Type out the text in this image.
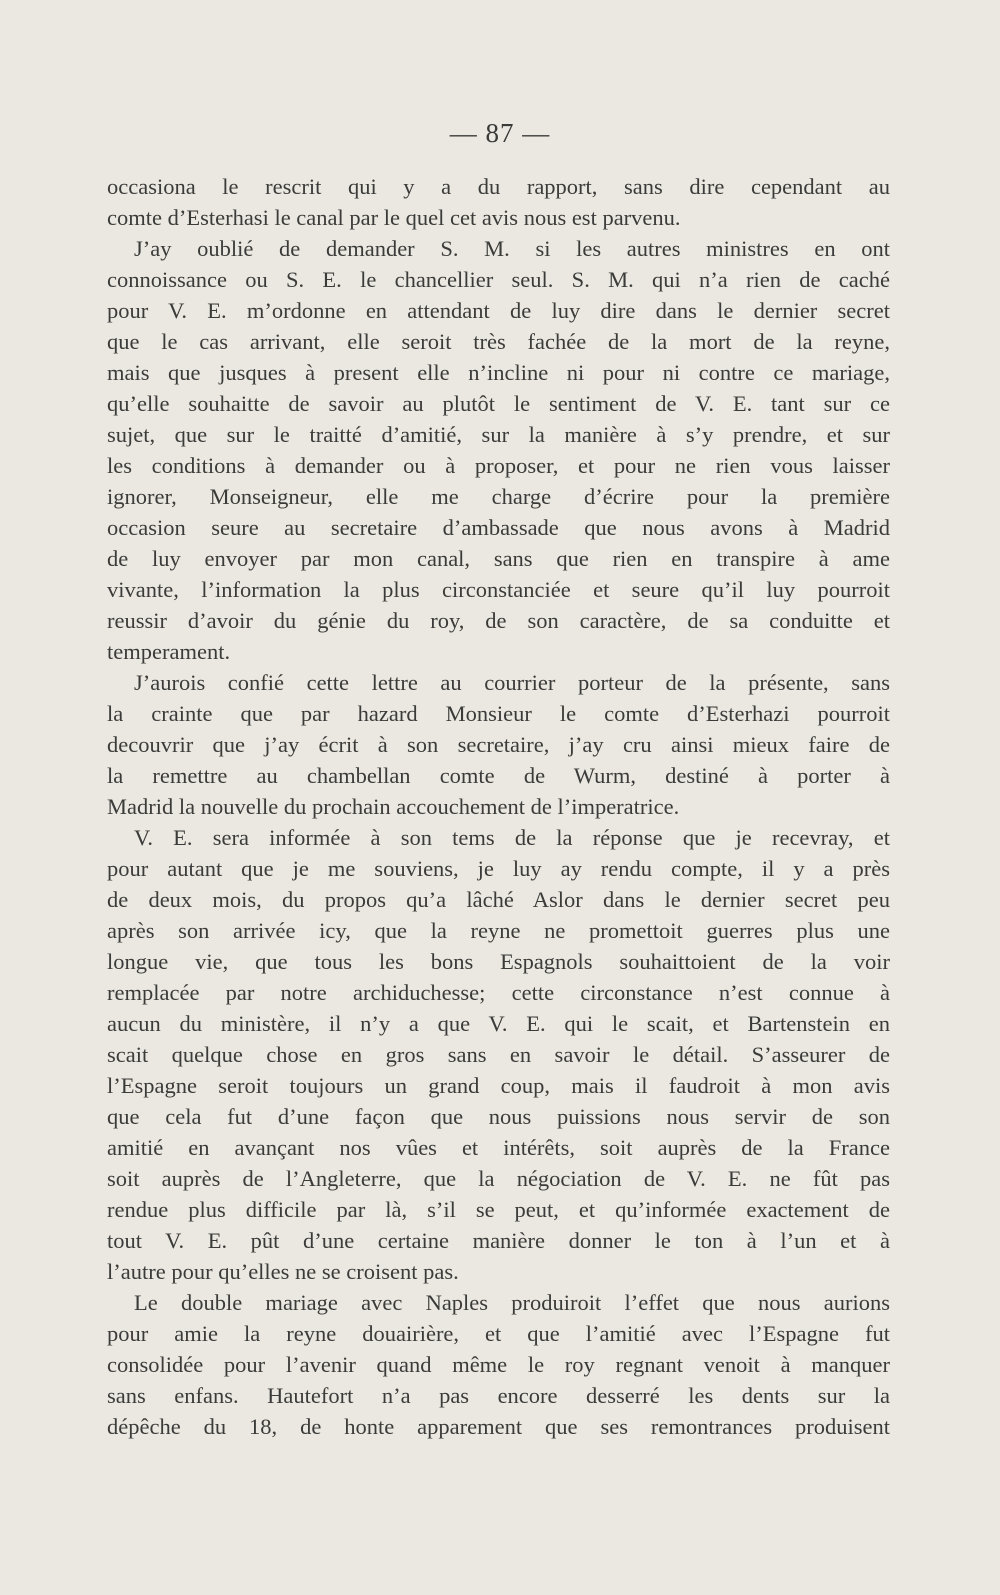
— 87 —
occasiona le rescrit qui y a du rapport, sans dire cependant au
comte d’Esterhasi le canal par le quel cet avis nous est parvenu.
J’ay oublié de demander S. M. si les autres ministres en ont
connoissance ou S. E. le chancellier seul. S. M. qui n’a rien de caché
pour V. E. m’ordonne en attendant de luy dire dans le dernier secret
que le cas arrivant, elle seroit très fachée de la mort de la reyne,
mais que jusques à present elle n’incline ni pour ni contre ce mariage,
qu’elle souhaitte de savoir au plutôt le sentiment de V. E. tant sur ce
sujet, que sur le traitté d’amitié, sur la manière à s’y prendre, et sur
les conditions à demander ou à proposer, et pour ne rien vous laisser
ignorer, Monseigneur, elle me charge d’écrire pour la première
occasion seure au secretaire d’ambassade que nous avons à Madrid
de luy envoyer par mon canal, sans que rien en transpire à ame
vivante, l’information la plus circonstanciée et seure qu’il luy pourroit
reussir d’avoir du génie du roy, de son caractère, de sa conduitte et
temperament.
J’aurois confié cette lettre au courrier porteur de la présente, sans
la crainte que par hazard Monsieur le comte d’Esterhazi pourroit
decouvrir que j’ay écrit à son secretaire, j’ay cru ainsi mieux faire de
la remettre au chambellan comte de Wurm, destiné à porter à
Madrid la nouvelle du prochain accouchement de l’imperatrice.
V. E. sera informée à son tems de la réponse que je recevray, et
pour autant que je me souviens, je luy ay rendu compte, il y a près
de deux mois, du propos qu’a lâché Aslor dans le dernier secret peu
après son arrivée icy, que la reyne ne promettoit guerres plus une
longue vie, que tous les bons Espagnols souhaittoient de la voir
remplacée par notre archiduchesse; cette circonstance n’est connue à
aucun du ministère, il n’y a que V. E. qui le scait, et Bartenstein en
scait quelque chose en gros sans en savoir le détail. S’asseurer de
l’Espagne seroit toujours un grand coup, mais il faudroit à mon avis
que cela fut d’une façon que nous puissions nous servir de son
amitié en avançant nos vûes et intérêts, soit auprès de la France
soit auprès de l’Angleterre, que la négociation de V. E. ne fût pas
rendue plus difficile par là, s’il se peut, et qu’informée exactement de
tout V. E. pût d’une certaine manière donner le ton à l’un et à
l’autre pour qu’elles ne se croisent pas.
Le double mariage avec Naples produiroit l’effet que nous aurions
pour amie la reyne douairière, et que l’amitié avec l’Espagne fut
consolidée pour l’avenir quand même le roy regnant venoit à manquer
sans enfans. Hautefort n’a pas encore desserré les dents sur la
dépêche du 18, de honte apparement que ses remontrances produisent
